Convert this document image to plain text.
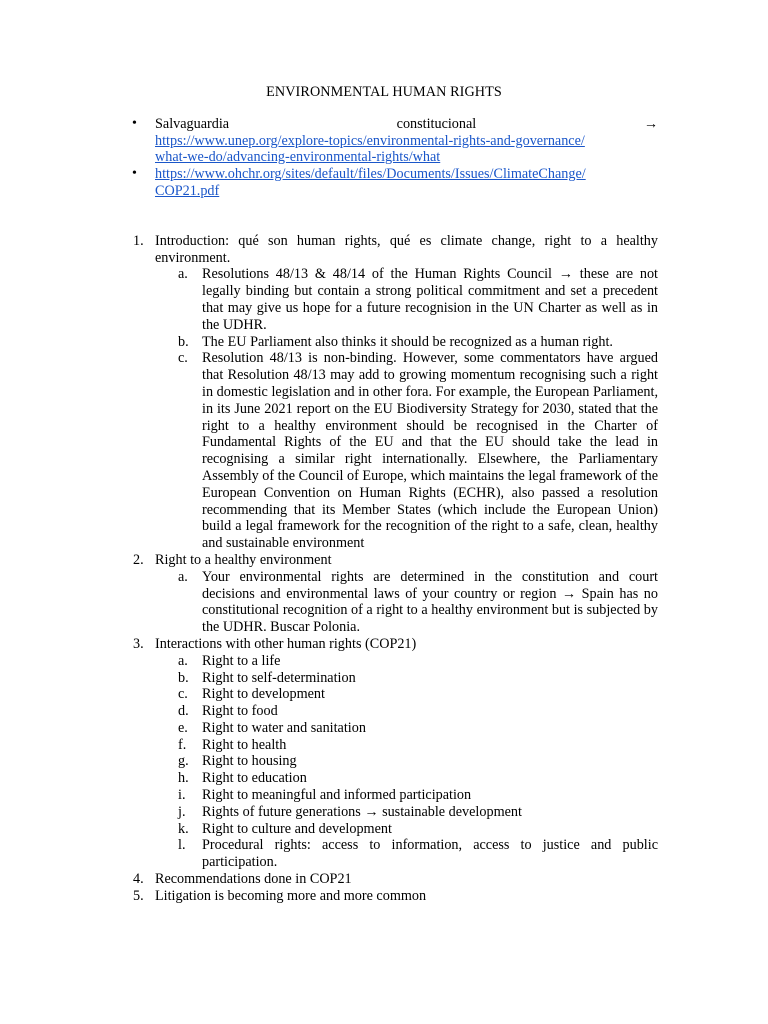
ENVIRONMENTAL HUMAN RIGHTS
• Salvaguardia	constitucional	→
https://www.unep.org/explore-topics/environmental-rights-and-governance/
what-we-do/advancing-environmental-rights/what
• https://www.ohchr.org/sites/default/files/Documents/Issues/ClimateChange/
COP21.pdf
1. Introduction: qué son human rights, qué es climate change, right to a healthy environment.
a. Resolutions 48/13 & 48/14 of the Human Rights Council → these are not legally binding but contain a strong political commitment and set a precedent that may give us hope for a future recognision in the UN Charter as well as in the UDHR.
b. The EU Parliament also thinks it should be recognized as a human right.
c. Resolution 48/13 is non-binding. However, some commentators have argued that Resolution 48/13 may add to growing momentum recognising such a right in domestic legislation and in other fora. For example, the European Parliament, in its June 2021 report on the EU Biodiversity Strategy for 2030, stated that the right to a healthy environment should be recognised in the Charter of Fundamental Rights of the EU and that the EU should take the lead in recognising a similar right internationally. Elsewhere, the Parliamentary Assembly of the Council of Europe, which maintains the legal framework of the European Convention on Human Rights (ECHR), also passed a resolution recommending that its Member States (which include the European Union) build a legal framework for the recognition of the right to a safe, clean, healthy and sustainable environment
2. Right to a healthy environment
a. Your environmental rights are determined in the constitution and court decisions and environmental laws of your country or region → Spain has no constitutional recognition of a right to a healthy environment but is subjected by the UDHR. Buscar Polonia.
3. Interactions with other human rights (COP21)
a. Right to a life
b. Right to self-determination
c. Right to development
d. Right to food
e. Right to water and sanitation
f. Right to health
g. Right to housing
h. Right to education
i. Right to meaningful and informed participation
j. Rights of future generations → sustainable development
k. Right to culture and development
l. Procedural rights: access to information, access to justice and public participation.
4. Recommendations done in COP21
5. Litigation is becoming more and more common
